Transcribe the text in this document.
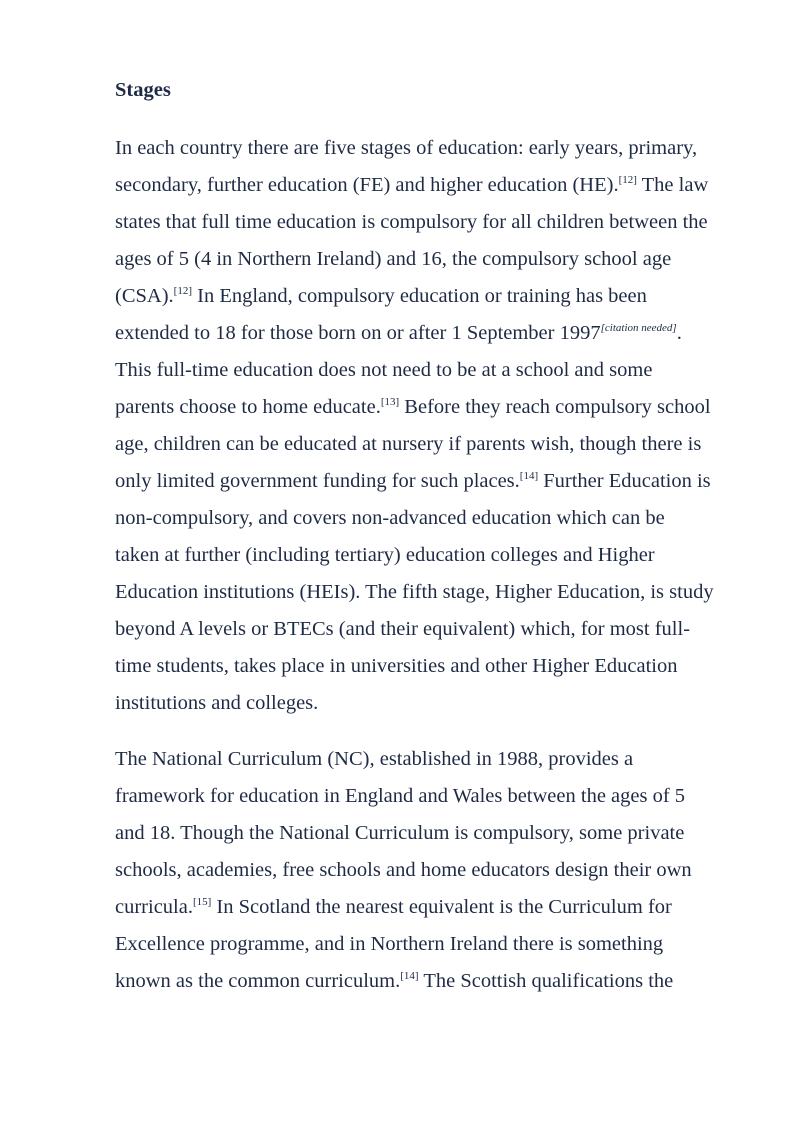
Stages

In each country there are five stages of education: early years, primary,
secondary, further education (FE) and higher education (HE).[12] The law
states that full time education is compulsory for all children between the
ages of 5 (4 in Northern Ireland) and 16, the compulsory school age
(CSA).[12] In England, compulsory education or training has been
extended to 18 for those born on or after 1 September 1997[citation needed].
This full-time education does not need to be at a school and some
parents choose to home educate.[13] Before they reach compulsory school
age, children can be educated at nursery if parents wish, though there is
only limited government funding for such places.[14] Further Education is
non-compulsory, and covers non-advanced education which can be
taken at further (including tertiary) education colleges and Higher
Education institutions (HEIs). The fifth stage, Higher Education, is study
beyond A levels or BTECs (and their equivalent) which, for most full-
time students, takes place in universities and other Higher Education
institutions and colleges.

The National Curriculum (NC), established in 1988, provides a
framework for education in England and Wales between the ages of 5
and 18. Though the National Curriculum is compulsory, some private
schools, academies, free schools and home educators design their own
curricula.[15] In Scotland the nearest equivalent is the Curriculum for
Excellence programme, and in Northern Ireland there is something
known as the common curriculum.[14] The Scottish qualifications the
